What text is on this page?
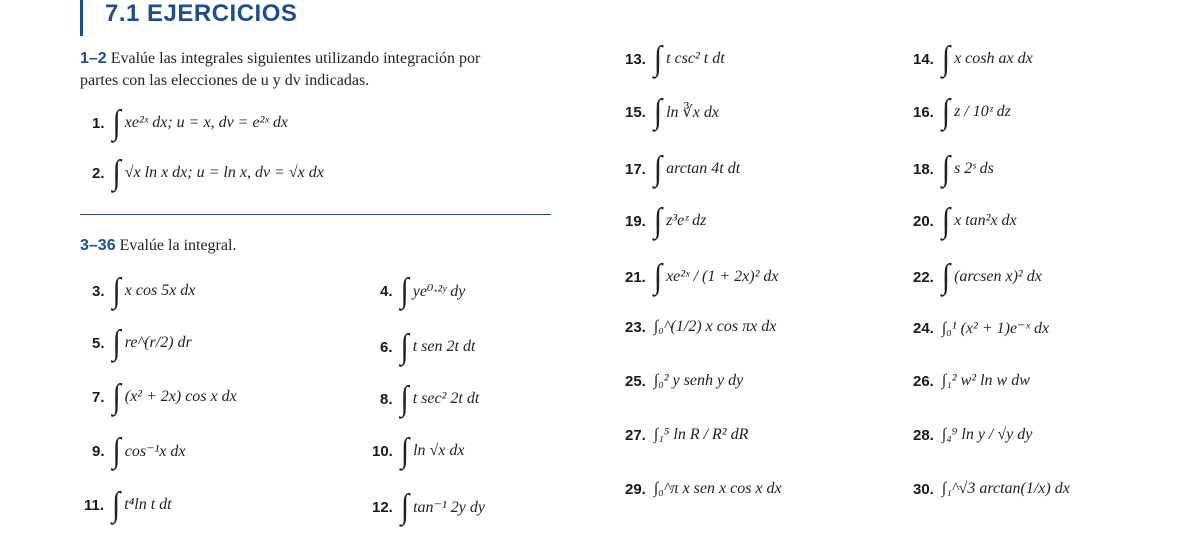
7.1 EJERCICIOS
1–2 Evalúe las integrales siguientes utilizando integración por
partes con las elecciones de u y dv indicadas.
3–36 Evalúe la integral.
1. ∫ xe²ˣ dx; u = x, dv = e²ˣ dx
2. ∫ √x ln x dx; u = ln x, dv = √x dx
3. ∫ x cos 5x dx	4. ∫ ye⁰·²ʸ dy
5. ∫ re^(r/2) dr	6. ∫ t sen 2t dt
7. ∫ (x² + 2x) cos x dx	8. ∫ t sec² 2t dt
9. ∫ cos⁻¹x dx	10. ∫ ln √x dx
11. ∫ t⁴ln t dt	12. ∫ tan⁻¹ 2y dy
13. ∫ t csc² t dt	14. ∫ x cosh ax dx
15. ∫ ln ∛x dx	16. ∫ z / 10ᶻ dz
17. ∫ arctan 4t dt	18. ∫ s 2ˢ ds
19. ∫ z³eᶻ dz	20. ∫ x tan²x dx
21. ∫ xe²ˣ / (1 + 2x)² dx	22. ∫ (arcsen x)² dx
23. ∫₀^(1/2) x cos πx dx	24. ∫₀¹ (x² + 1)e⁻ˣ dx
25. ∫₀² y senh y dy	26. ∫₁² w² ln w dw
27. ∫₁⁵ ln R / R² dR	28. ∫₄⁹ ln y / √y dy
29. ∫₀^π x sen x cos x dx	30. ∫₁^√3 arctan(1/x) dx
